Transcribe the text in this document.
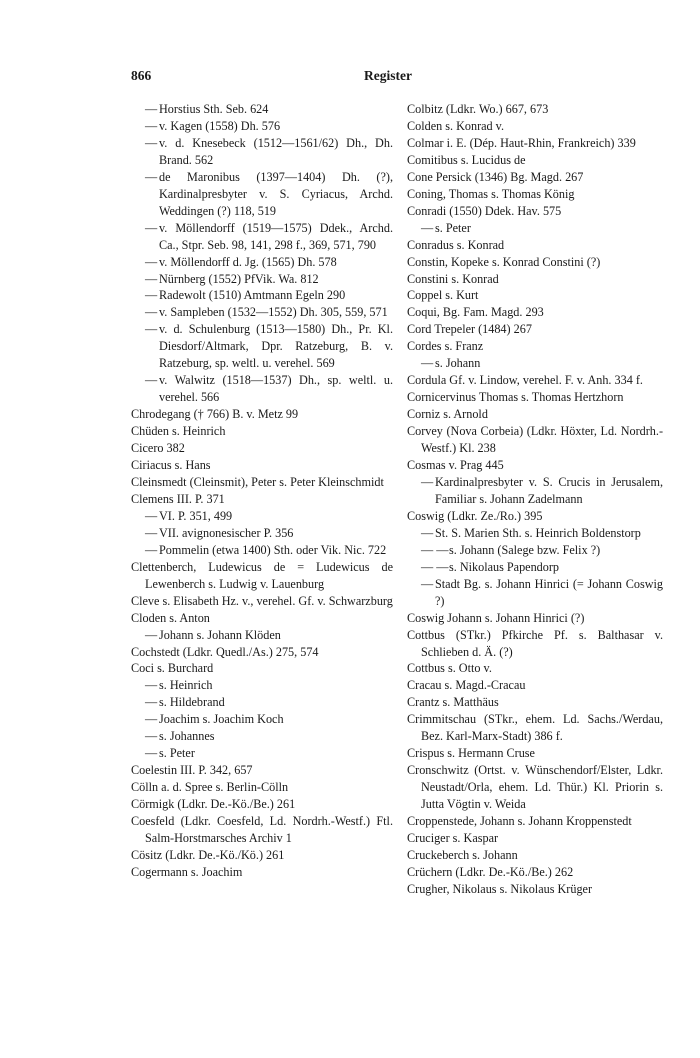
866	Register

— Horstius Sth. Seb. 624

— v. Kagen (1558) Dh. 576

— v. d. Knesebeck (1512—1561/62) Dh., Dh. Brand. 562

— de Maronibus (1397—1404) Dh. (?), Kardinalpresbyter v. S. Cyriacus, Archd. Weddingen (?) 118, 519

— v. Möllendorff (1519—1575) Ddek., Archd. Ca., Stpr. Seb. 98, 141, 298 f., 369, 571, 790

— v. Möllendorff d. Jg. (1565) Dh. 578

— Nürnberg (1552) PfVik. Wa. 812

— Radewolt (1510) Amtmann Egeln 290

— v. Sampleben (1532—1552) Dh. 305, 559, 571

— v. d. Schulenburg (1513—1580) Dh., Pr. Kl. Diesdorf/Altmark, Dpr. Ratzeburg, B. v. Ratzeburg, sp. weltl. u. verehel. 569

— v. Walwitz (1518—1537) Dh., sp. weltl. u. verehel. 566

Chrodegang († 766) B. v. Metz 99

Chüden s. Heinrich

Cicero 382

Ciriacus s. Hans

Cleinsmedt (Cleinsmit), Peter s. Peter Kleinschmidt

Clemens III. P. 371

— VI. P. 351, 499

— VII. avignonesischer P. 356

— Pommelin (etwa 1400) Sth. oder Vik. Nic. 722

Clettenberch, Ludewicus de = Ludewicus de Lewenberch s. Ludwig v. Lauenburg

Cleve s. Elisabeth Hz. v., verehel. Gf. v. Schwarzburg

Cloden s. Anton

— Johann s. Johann Klöden

Cochstedt (Ldkr. Quedl./As.) 275, 574

Coci s. Burchard

— s. Heinrich

— s. Hildebrand

— Joachim s. Joachim Koch

— s. Johannes

— s. Peter

Coelestin III. P. 342, 657

Cölln a. d. Spree s. Berlin-Cölln

Cörmigk (Ldkr. De.-Kö./Be.) 261

Coesfeld (Ldkr. Coesfeld, Ld. Nordrh.-Westf.) Ftl. Salm-Horstmarsches Archiv 1

Cösitz (Ldkr. De.-Kö./Kö.) 261

Cogermann s. Joachim

Colbitz (Ldkr. Wo.) 667, 673

Colden s. Konrad v.

Colmar i. E. (Dép. Haut-Rhin, Frankreich) 339

Comitibus s. Lucidus de

Cone Persick (1346) Bg. Magd. 267

Coning, Thomas s. Thomas König

Conradi (1550) Ddek. Hav. 575

— s. Peter

Conradus s. Konrad

Constin, Kopeke s. Konrad Constini (?)

Constini s. Konrad

Coppel s. Kurt

Coqui, Bg. Fam. Magd. 293

Cord Trepeler (1484) 267

Cordes s. Franz

— s. Johann

Cordula Gf. v. Lindow, verehel. F. v. Anh. 334 f.

Cornicervinus Thomas s. Thomas Hertzhorn

Corniz s. Arnold

Corvey (Nova Corbeia) (Ldkr. Höxter, Ld. Nordrh.-Westf.) Kl. 238

Cosmas v. Prag 445

— Kardinalpresbyter v. S. Crucis in Jerusalem, Familiar s. Johann Zadelmann

Coswig (Ldkr. Ze./Ro.) 395

— St. S. Marien Sth. s. Heinrich Boldenstorp

— —s. Johann (Salege bzw. Felix ?)

— —s. Nikolaus Papendorp

— Stadt Bg. s. Johann Hinrici (= Johann Coswig ?)

Coswig Johann s. Johann Hinrici (?)

Cottbus (STkr.) Pfkirche Pf. s. Balthasar v. Schlieben d. Ä. (?)

Cottbus s. Otto v.

Cracau s. Magd.-Cracau

Crantz s. Matthäus

Crimmitschau (STkr., ehem. Ld. Sachs./Werdau, Bez. Karl-Marx-Stadt) 386 f.

Crispus s. Hermann Cruse

Cronschwitz (Ortst. v. Wünschendorf/Elster, Ldkr. Neustadt/Orla, ehem. Ld. Thür.) Kl. Priorin s. Jutta Vögtin v. Weida

Croppenstede, Johann s. Johann Kroppenstedt

Cruciger s. Kaspar

Cruckeberch s. Johann

Crüchern (Ldkr. De.-Kö./Be.) 262

Crugher, Nikolaus s. Nikolaus Krüger
